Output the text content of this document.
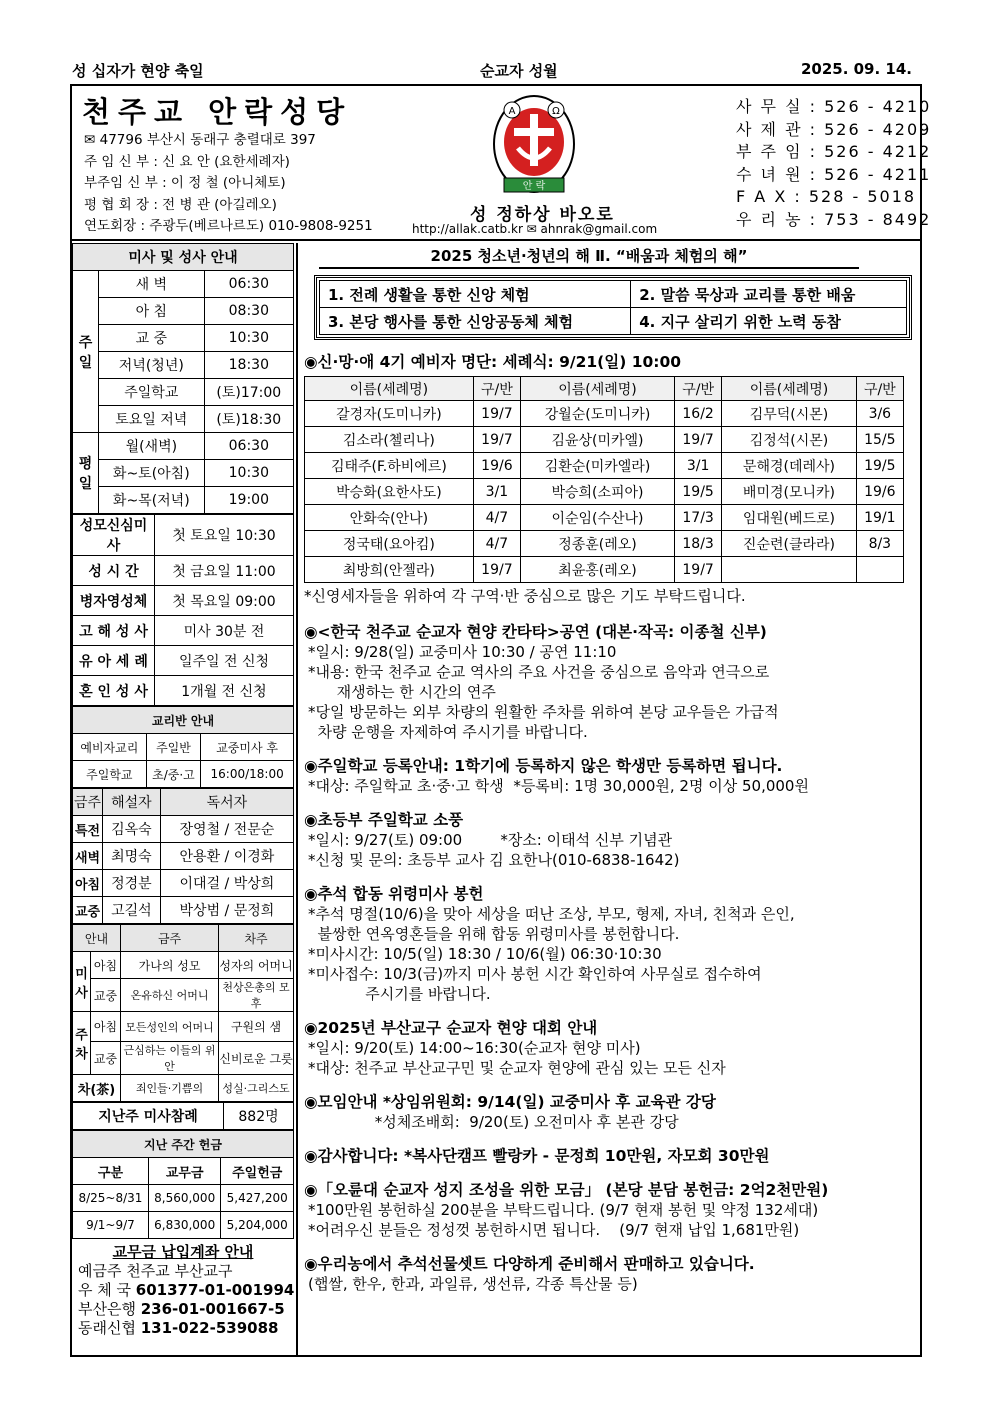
성 십자가 현양 축일	순교자 성월	2025. 09. 14.
천주교 안락성당
✉ 47796 부산시 동래구 충렬대로 397
주 임 신 부 : 신 요 안 (요한세례자)
부주임 신 부 : 이 정 철 (아니체토)
평 협 회 장 : 전 병 관 (아길레오)
연도회장 : 주광두(베르나르도) 010-9808-9251
A	Ω
안 락
성 정하상 바오로
http://allak.catb.kr ✉ ahnrak@gmail.com
사 무 실 : 526 - 4210
사 제 관 : 526 - 4209
부 주 임 : 526 - 4212
수 녀 원 : 526 - 4211
F A X : 528 - 5018
우 리 농 : 753 - 8492
미사 및 성사 안내		
주일	새 벽	06:30
	아 침	08:30
	교 중	10:30
	저녁(청년)	18:30
	주일학교	(토)17:00
	토요일 저녁	(토)18:30
평일	월(새벽)	06:30
	화~토(아침)	10:30
	화~목(저녁)	19:00
성모신심미사	첫 토요일 10:30
성 시 간	첫 금요일 11:00
병자영성체	첫 목요일 09:00
고 해 성 사	미사 30분 전
유 아 세 례	일주일 전 신청
혼 인 성 사	1개월 전 신청
교리반 안내		
예비자교리	주일반	교중미사 후
주일학교	초/중·고	16:00/18:00
금주	해설자	독서자
특전	김옥숙	장영철 / 전문순
새벽	최명숙	안용환 / 이경화
아침	정경분	이대걸 / 박상희
교중	고길석	박상범 / 문정희
안내		금주	차주
미사	아침	가나의 성모	성자의 어머니
	교중	온유하신 어머니	천상은총의 모후
주차	아침	모든성인의 어머니	구원의 샘
	교중	근심하는 이들의 위안	신비로운 그릇
차(茶)		죄인들·기쁨의	성실·그리스도
지난주 미사참례	882명
지난 주간 헌금		
구분	교무금	주일헌금
8/25~8/31	8,560,000	5,427,200
9/1~9/7	6,830,000	5,204,000
교무금 납입계좌 안내
예금주 천주교 부산교구
우 체 국 601377-01-001994
부산은행 236-01-001667-5
동래신협 131-022-539088
2025 청소년·청년의 해 Ⅱ. “배움과 체험의 해”
1. 전례 생활을 통한 신앙 체험	2. 말씀 묵상과 교리를 통한 배움
3. 본당 행사를 통한 신앙공동체 체험	4. 지구 살리기 위한 노력 동참
◉신·망·애 4기 예비자 명단: 세례식: 9/21(일) 10:00
이름(세례명)	구/반	이름(세례명)	구/반	이름(세례명)	구/반
갈경자(도미니카)	19/7	강월순(도미니카)	16/2	김무덕(시몬)	3/6
김소라(첼리나)	19/7	김윤상(미카엘)	19/7	김정석(시몬)	15/5
김태주(F.하비에르)	19/6	김환순(미카엘라)	3/1	문해경(데레사)	19/5
박승화(요한사도)	3/1	박승희(소피아)	19/5	배미경(모니카)	19/6
안화숙(안나)	4/7	이순임(수산나)	17/3	임대원(베드로)	19/1
정국태(요아킴)	4/7	정종훈(레오)	18/3	진순련(클라라)	8/3
최방희(안젤라)	19/7	최윤홍(레오)	19/7		
*신영세자들을 위하여 각 구역·반 중심으로 많은 기도 부탁드립니다.
◉<한국 천주교 순교자 현양 칸타타>공연 (대본·작곡: 이종철 신부)
*일시: 9/28(일) 교중미사 10:30 / 공연 11:10
*내용: 한국 천주교 순교 역사의 주요 사건을 중심으로 음악과 연극으로
재생하는 한 시간의 연주
*당일 방문하는 외부 차량의 원활한 주차를 위하여 본당 교우들은 가급적
차량 운행을 자제하여 주시기를 바랍니다.
◉주일학교 등록안내: 1학기에 등록하지 않은 학생만 등록하면 됩니다.
*대상: 주일학교 초·중·고 학생  *등록비: 1명 30,000원, 2명 이상 50,000원
◉초등부 주일학교 소풍
*일시: 9/27(토) 09:00        *장소: 이태석 신부 기념관
*신청 및 문의: 초등부 교사 김 요한나(010-6838-1642)
◉추석 합동 위령미사 봉헌
*추석 명절(10/6)을 맞아 세상을 떠난 조상, 부모, 형제, 자녀, 친척과 은인,
불쌍한 연옥영혼들을 위해 합동 위령미사를 봉헌합니다.
*미사시간: 10/5(일) 18:30 / 10/6(월) 06:30·10:30
*미사접수: 10/3(금)까지 미사 봉헌 시간 확인하여 사무실로 접수하여
주시기를 바랍니다.
◉2025년 부산교구 순교자 현양 대회 안내
*일시: 9/20(토) 14:00~16:30(순교자 현양 미사)
*대상: 천주교 부산교구민 및 순교자 현양에 관심 있는 모든 신자
◉모임안내 *상임위원회: 9/14(일) 교중미사 후 교육관 강당
*성체조배회:  9/20(토) 오전미사 후 본관 강당
◉감사합니다: *복사단캠프 빨랑카 - 문정희 10만원, 자모회 30만원
◉「오륜대 순교자 성지 조성을 위한 모금」 (본당 분담 봉헌금: 2억2천만원)
*100만원 봉헌하실 200분을 부탁드립니다. (9/7 현재 봉헌 및 약정 132세대)
*어려우신 분들은 정성껏 봉헌하시면 됩니다.    (9/7 현재 납입 1,681만원)
◉우리농에서 추석선물셋트 다양하게 준비해서 판매하고 있습니다.
(햅쌀, 한우, 한과, 과일류, 생선류, 각종 특산물 등)
